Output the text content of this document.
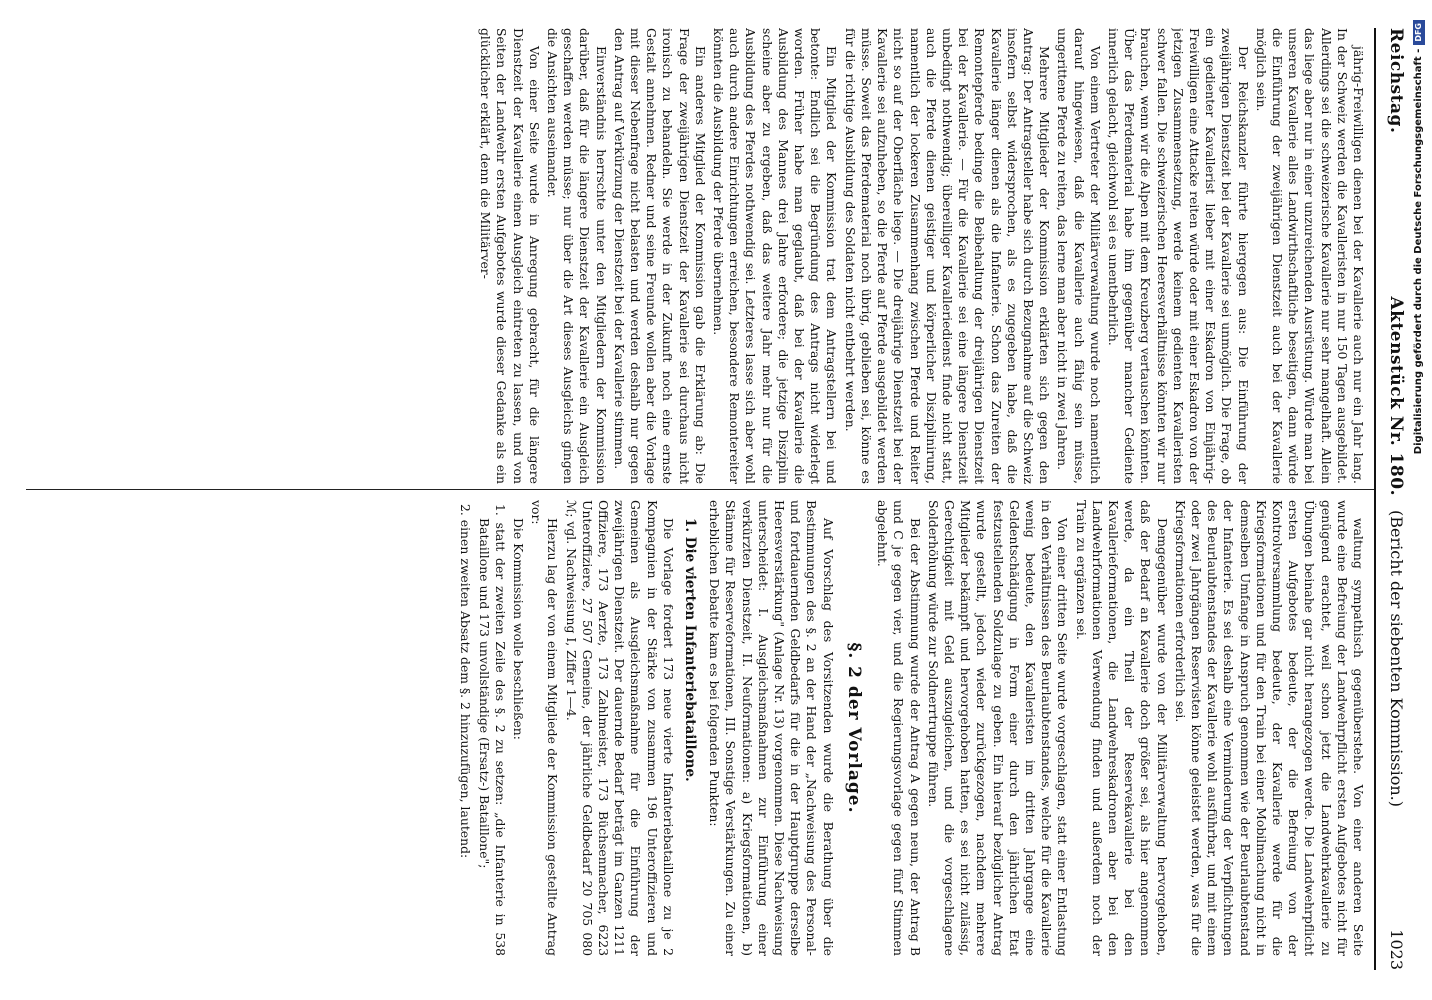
Reichstag.
Aktenstück Nr. 180.
(Bericht der siebenten Kommission.)
1023

jährig-Freiwilligen dienen bei der Kavallerie auch nur ein Jahr lang. In der Schweiz werden die Kavalleristen in nur 150 Tagen ausgebildet. Allerdings sei die schweizerische Kavallerie nur sehr mangelhaft. Allein das liege aber nur in einer unzureichenden Ausrüstung. Würde man bei unseren Kavallerie alles Landwirthschaftliche beseitigen, dann würde die Einführung der zweijährigen Dienstzeit auch bei der Kavallerie möglich sein.

Der Reichskanzler führte hiergegen aus: Die Einführung der zweijährigen Dienstzeit bei der Kavallerie sei unmöglich. Die Frage, ob ein gedienter Kavallerist lieber mit einer Eskadron von Einjährig-Freiwilligen eine Attacke reiten würde oder mit einer Eskadron von der jetzigen Zusammensetzung, werde keinem gedienten Kavalleristen schwer fallen. Die schweizerischen Heeresverhältnisse könnten wir nur brauchen, wenn wir die Alpen mit dem Kreuzberg vertauschen könnten. Über das Pferdematerial habe ihm gegenüber mancher Gediente innerlich gelacht, gleichwohl sei es unentbehrlich.

Von einem Vertreter der Militärverwaltung wurde noch namentlich darauf hingewiesen, daß die Kavallerie auch fähig sein müsse, ungerittene Pferde zu reiten, das lerne man aber nicht in zwei Jahren.

Mehrere Mitglieder der Kommission erklärten sich gegen den Antrag: Der Antragsteller habe sich durch Bezugnahme auf die Schweiz insofern selbst widersprochen, als es zugegeben habe, daß die Kavallerie länger dienen als die Infanterie. Schon das Zureiten der Remontepferde bedinge die Beibehaltung der dreijährigen Dienstzeit bei der Kavallerie. — Für die Kavallerie sei eine längere Dienstzeit unbedingt nothwendig; übereilliger Kavalleriedienst finde nicht statt, auch die Pferde dienen geistiger und körperlicher Disziplinirung, namentlich der lockeren Zusammenhang zwischen Pferde und Reiter nicht so auf der Oberfläche liege. — Die dreijährige Dienstzeit bei der Kavallerie sei aufzuheben, so die Pferde auf Pferde ausgebildet werden müsse. Soweit das Pferdematerial noch übrig, geblieben sei, könne es für die richtige Ausbildung des Soldaten nicht entbehrt werden.

Ein Mitglied der Kommission trat dem Antragstellern bei und betonte: Endlich sei die Begründung des Antrags nicht widerlegt worden. Früher habe man geglaubt, daß bei der Kavallerie die Ausbildung des Mannes drei Jahre erfordere; die jetzige Disziplin scheine aber zu ergeben, daß das weitere Jahr mehr nur für die Ausbildung des Pferdes nothwendig sei. Letzteres lasse sich aber wohl auch durch andere Einrichtungen erreichen, besondere Remontereiter könnten die Ausbildung der Pferde übernehmen.

Ein anderes Mitglied der Kommission gab die Erklärung ab: Die Frage der zweijährigen Dienstzeit der Kavallerie sei durchaus nicht ironisch zu behandeln. Sie werde in der Zukunft noch eine ernste Gestalt annehmen. Redner und seine Freunde wollen aber die Vorlage mit dieser Nebenfrage nicht belasten und werden deshalb nur gegen den Antrag auf Verkürzung der Dienstzeit bei der Kavallerie stimmen.

Einverständnis herrschte unter den Mitgliedern der Kommission darüber, daß für die längere Dienstzeit der Kavallerie ein Ausgleich geschaffen werden müsse; nur über die Art dieses Ausgleichs gingen die Ansichten auseinander.

Von einer Seite wurde in Anregung gebracht, für die längere Dienstzeit der Kavallerie einen Ausgleich eintreten zu lassen, und von Seiten der Landwehr ersten Aufgebotes wurde dieser Gedanke als ein glücklicher erklärt, denn die Militärver-

waltung sympathisch gegenüberstehe. Von einer anderen Seite wurde eine Befreiung der Landwehrpflicht ersten Aufgebotes nicht für genügend erachtet, weil schon jetzt die Landwehrkavallerie zu Übungen beinahe gar nicht herangezogen werde. Die Landwehrpflicht ersten Aufgebotes bedeute, der die Befreiung von der Kontrolversammlung bedeute, der Kavallerie werde für die Kriegsformationen und für den Train bei einer Mobilmachung nicht in demselben Umfange in Anspruch genommen wie der Beurlaubtenstand der Infanterie. Es sei deshalb eine Verminderung der Verpflichtungen des Beurlaubtenstandes der Kavallerie wohl ausführbar, und mit einem oder zwei Jahrgängen Reservisten könne geleistet werden, was für die Kriegsformationen erforderlich sei.

Demgegenüber wurde von der Militärverwaltung hervorgehoben, daß der Bedarf an Kavallerie doch größer sei, als hier angenommen werde, da ein Theil der Reservekavallerie bei den Kavallerieformationen, die Landwehreskadronen aber bei den Landwehrformationen Verwendung finden und außerdem noch der Train zu ergänzen sei.

Von einer dritten Seite wurde vorgeschlagen, statt einer Entlastung in den Verhältnissen des Beurlaubtenstandes, welche für die Kavallerie wenig bedeute, den Kavalleristen im dritten Jahrgange eine Geldentschädigung in Form einer durch den jährlichen Etat festzustellenden Soldzulage zu geben. Ein hierauf bezüglicher Antrag wurde gestellt, jedoch wieder zurückgezogen, nachdem mehrere Mitglieder bekämpft und hervorgehoben hatten, es sei nicht zulässig, Gerechtigkeit mit Geld auszugleichen, und die vorgeschlagene Solderhöhung würde zur Soldnerrtruppe führen.

Bei der Abstimmung wurde der Antrag A gegen neun, der Antrag B und C je gegen vier, und die Regierungsvorlage gegen fünf Stimmen abgelehnt.

§. 2 der Vorlage.

Auf Vorschlag des Vorsitzenden wurde die Berathung über die Bestimmungen des §. 2 an der Hand der „Nachweisung des Personal- und fortdauernden Geldbedarfs für die in der Hauptgruppe derselbe Heeresverstärkung" (Anlage Nr. 13) vorgenommen. Diese Nachweisung unterscheidet: I. Ausgleichsmaßnahmen zur Einführung einer verkürzten Dienstzeit, II. Neuformationen: a) Kriegsformationen, b) Stämme für Reserveformationen, III. Sonstige Verstärkungen. Zu einer erheblichen Debatte kam es bei folgenden Punkten:

1. Die vierten Infanteriebataillone.

Die Vorlage fordert 173 neue vierte Infanteriebataillone zu je 2 Kompagnien in der Stärke von zusammen 196 Unteroffizieren und Gemeinen als Ausgleichsmaßnahme für die Einführung der zweijährigen Dienstzeit. Der dauernde Bedarf beträgt im Ganzen 1211 Offiziere, 173 Aerzte, 173 Zahlmeister, 173 Büchsenmacher, 6223 Unteroffiziere, 27 507 Gemeine, der jährliche Geldbedarf 20 705 080 ℳ; vgl. Nachweisung I, Ziffer 1—4.

Hierzu lag der von einem Mitgliede der Kommission gestellte Antrag vor:

Die Kommission wolle beschließen:

1. statt der zweiten Zeile des §. 2 zu setzen: „die Infanterie in 538 Bataillone und 173 unvollständige (Ersatz-) Bataillone";
2. einen zweiten Absatz dem §. 2 hinzuzufügen, lautend:
Digitalisierung gefördert durch die Deutsche Forschungsgemeinschaft -DFG
